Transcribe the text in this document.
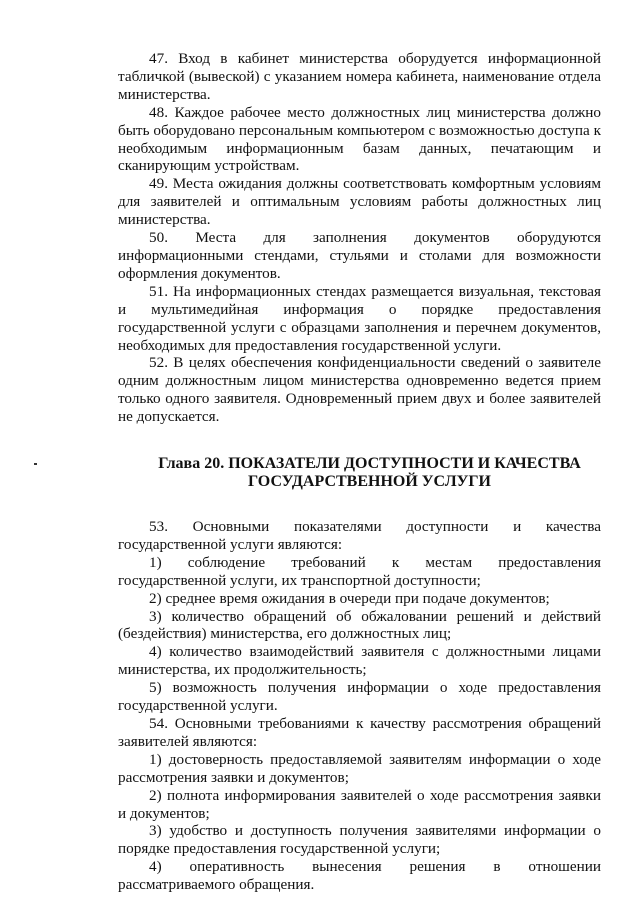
47. Вход в кабинет министерства оборудуется информационной табличкой (вывеской) с указанием номера кабинета, наименование отдела министерства.

48. Каждое рабочее место должностных лиц министерства должно быть оборудовано персональным компьютером с возможностью доступа к необходимым информационным базам данных, печатающим и сканирующим устройствам.

49. Места ожидания должны соответствовать комфортным условиям для заявителей и оптимальным условиям работы должностных лиц министерства.

50. Места для заполнения документов оборудуются информационными стендами, стульями и столами для возможности оформления документов.

51. На информационных стендах размещается визуальная, текстовая и мультимедийная информация о порядке предоставления государственной услуги с образцами заполнения и перечнем документов, необходимых для предоставления государственной услуги.

52. В целях обеспечения конфиденциальности сведений о заявителе одним должностным лицом министерства одновременно ведется прием только одного заявителя. Одновременный прием двух и более заявителей не допускается.

Глава 20. ПОКАЗАТЕЛИ ДОСТУПНОСТИ И КАЧЕСТВА
ГОСУДАРСТВЕННОЙ УСЛУГИ

53. Основными показателями доступности и качества государственной услуги являются:

1) соблюдение требований к местам предоставления государственной услуги, их транспортной доступности;

2) среднее время ожидания в очереди при подаче документов;

3) количество обращений об обжаловании решений и действий (бездействия) министерства, его должностных лиц;

4) количество взаимодействий заявителя с должностными лицами министерства, их продолжительность;

5) возможность получения информации о ходе предоставления государственной услуги.

54. Основными требованиями к качеству рассмотрения обращений заявителей являются:

1) достоверность предоставляемой заявителям информации о ходе рассмотрения заявки и документов;

2) полнота информирования заявителей о ходе рассмотрения заявки и документов;

3) удобство и доступность получения заявителями информации о порядке предоставления государственной услуги;

4) оперативность вынесения решения в отношении рассматриваемого обращения.
